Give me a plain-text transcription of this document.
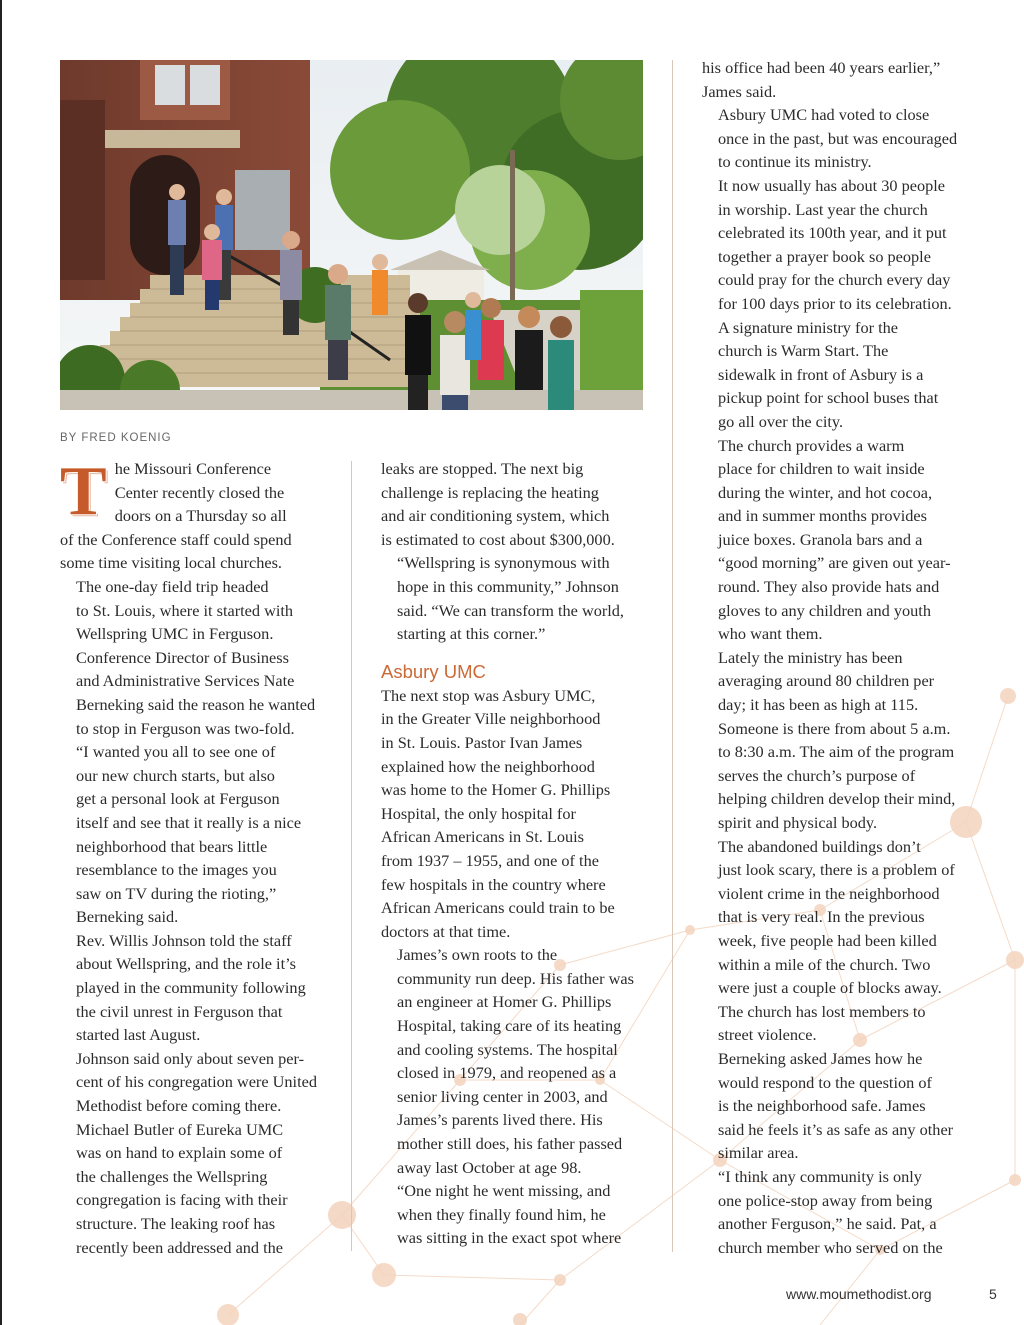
BY FRED KOENIG

T he Missouri Conference
Center recently closed the
doors on a Thursday so all
of the Conference staff could spend
some time visiting local churches.

The one-day field trip headed
to St. Louis, where it started with
Wellspring UMC in Ferguson.

Conference Director of Business
and Administrative Services Nate
Berneking said the reason he wanted
to stop in Ferguson was two-fold.

“I wanted you all to see one of
our new church starts, but also
get a personal look at Ferguson
itself and see that it really is a nice
neighborhood that bears little
resemblance to the images you
saw on TV during the rioting,”
Berneking said.

Rev. Willis Johnson told the staff
about Wellspring, and the role it’s
played in the community following
the civil unrest in Ferguson that
started last August.

Johnson said only about seven per-
cent of his congregation were United
Methodist before coming there.

Michael Butler of Eureka UMC
was on hand to explain some of
the challenges the Wellspring
congregation is facing with their
structure. The leaking roof has
recently been addressed and the

leaks are stopped. The next big
challenge is replacing the heating
and air conditioning system, which
is estimated to cost about $300,000.

“Wellspring is synonymous with
hope in this community,” Johnson
said. “We can transform the world,
starting at this corner.”

Asbury UMC

The next stop was Asbury UMC,
in the Greater Ville neighborhood
in St. Louis. Pastor Ivan James
explained how the neighborhood
was home to the Homer G. Phillips
Hospital, the only hospital for
African Americans in St. Louis
from 1937 – 1955, and one of the
few hospitals in the country where
African Americans could train to be
doctors at that time.

James’s own roots to the
community run deep. His father was
an engineer at Homer G. Phillips
Hospital, taking care of its heating
and cooling systems. The hospital
closed in 1979, and reopened as a
senior living center in 2003, and
James’s parents lived there. His
mother still does, his father passed
away last October at age 98.

“One night he went missing, and
when they finally found him, he
was sitting in the exact spot where

his office had been 40 years earlier,”
James said.

Asbury UMC had voted to close
once in the past, but was encouraged
to continue its ministry.

It now usually has about 30 people
in worship. Last year the church
celebrated its 100th year, and it put
together a prayer book so people
could pray for the church every day
for 100 days prior to its celebration.

A signature ministry for the
church is Warm Start. The
sidewalk in front of Asbury is a
pickup point for school buses that
go all over the city.

The church provides a warm
place for children to wait inside
during the winter, and hot cocoa,
and in summer months provides
juice boxes. Granola bars and a
“good morning” are given out year-
round. They also provide hats and
gloves to any children and youth
who want them.

Lately the ministry has been
averaging around 80 children per
day; it has been as high at 115.
Someone is there from about 5 a.m.
to 8:30 a.m. The aim of the program
serves the church’s purpose of
helping children develop their mind,
spirit and physical body.

The abandoned buildings don’t
just look scary, there is a problem of
violent crime in the neighborhood
that is very real. In the previous
week, five people had been killed
within a mile of the church. Two
were just a couple of blocks away.
The church has lost members to
street violence.

Berneking asked James how he
would respond to the question of
is the neighborhood safe. James
said he feels it’s as safe as any other
similar area.

“I think any community is only
one police-stop away from being
another Ferguson,” he said. Pat, a
church member who served on the

www.moumethodist.org	5
